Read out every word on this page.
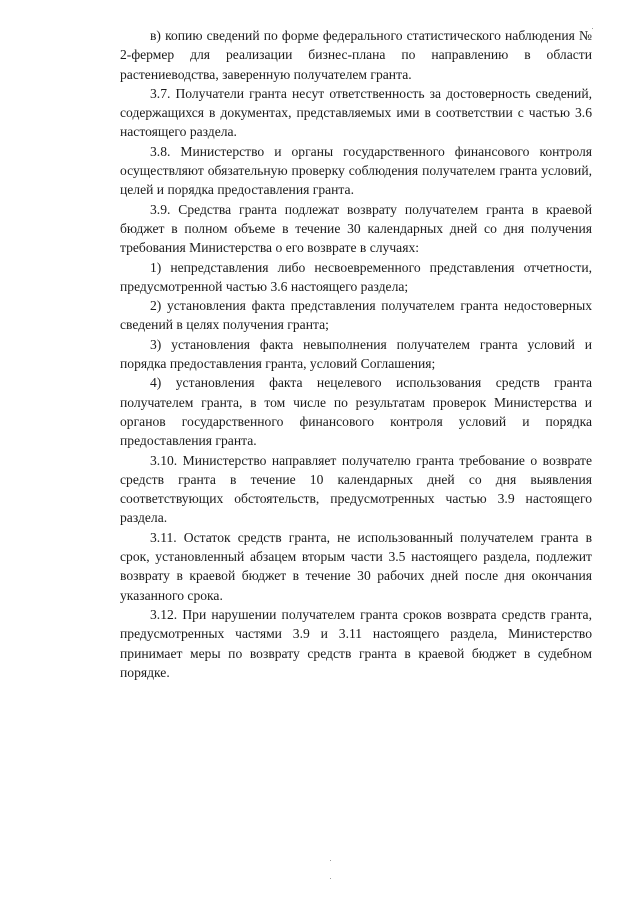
в) копию сведений по форме федерального статистического наблюдения № 2-фермер для реализации бизнес-плана по направлению в области растениеводства, заверенную получателем гранта.

3.7. Получатели гранта несут ответственность за достоверность сведений, содержащихся в документах, представляемых ими в соответствии с частью 3.6 настоящего раздела.

3.8. Министерство и органы государственного финансового контроля осуществляют обязательную проверку соблюдения получателем гранта условий, целей и порядка предоставления гранта.

3.9. Средства гранта подлежат возврату получателем гранта в краевой бюджет в полном объеме в течение 30 календарных дней со дня получения требования Министерства о его возврате в случаях:

1) непредставления либо несвоевременного представления отчетности, предусмотренной частью 3.6 настоящего раздела;

2) установления факта представления получателем гранта недостоверных сведений в целях получения гранта;

3) установления факта невыполнения получателем гранта условий и порядка предоставления гранта, условий Соглашения;

4) установления факта нецелевого использования средств гранта получателем гранта, в том числе по результатам проверок Министерства и органов государственного финансового контроля условий и порядка предоставления гранта.

3.10. Министерство направляет получателю гранта требование о возврате средств гранта в течение 10 календарных дней со дня выявления соответствующих обстоятельств, предусмотренных частью 3.9 настоящего раздела.

3.11. Остаток средств гранта, не использованный получателем гранта в срок, установленный абзацем вторым части 3.5 настоящего раздела, подлежит возврату в краевой бюджет в течение 30 рабочих дней после дня окончания указанного срока.

3.12. При нарушении получателем гранта сроков возврата средств гранта, предусмотренных частями 3.9 и 3.11 настоящего раздела, Министерство принимает меры по возврату средств гранта в краевой бюджет в судебном порядке.
